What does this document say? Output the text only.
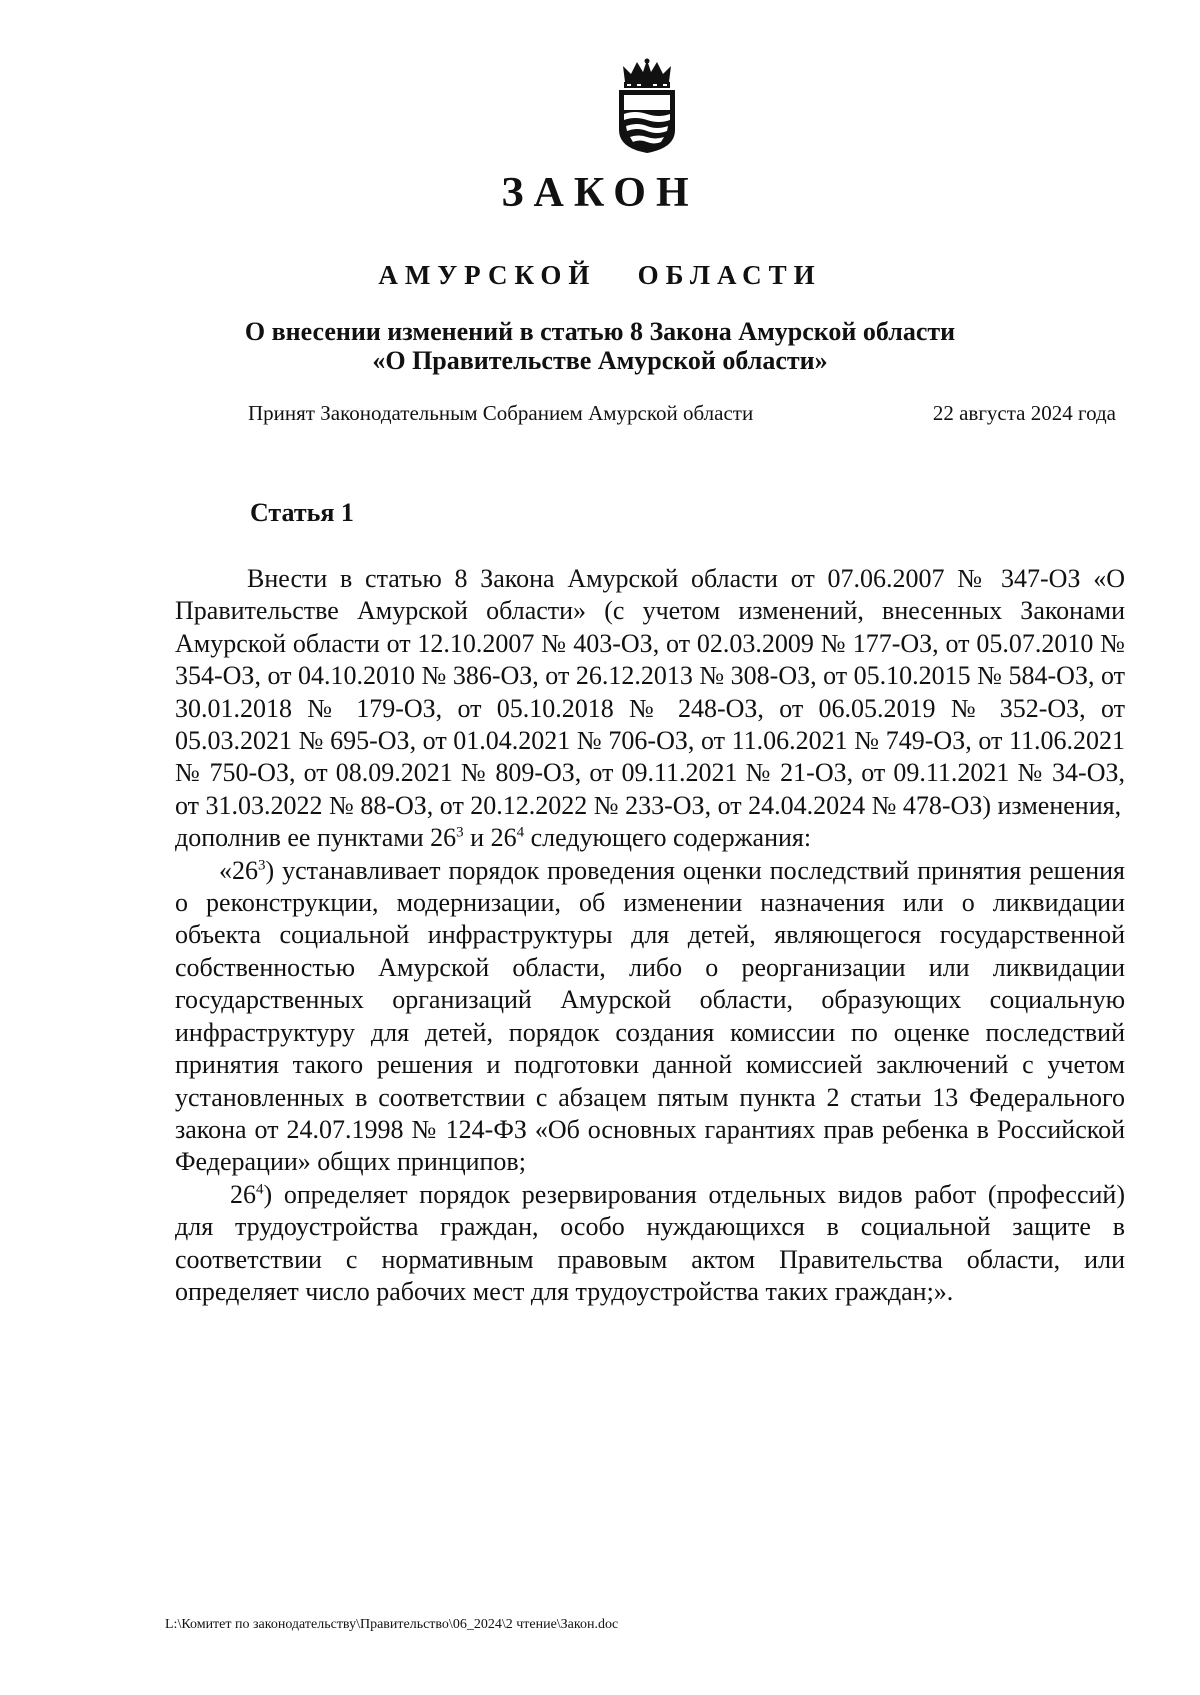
ЗАКОН
АМУРСКОЙ   ОБЛАСТИ
О внесении изменений в статью 8 Закона Амурской области
«О Правительстве Амурской области»
Принят Законодательным Собранием Амурской области	22 августа 2024 года
Статья 1

Внести в статью 8 Закона Амурской области от 07.06.2007 № 347-ОЗ «О Правительстве Амурской области» (с учетом изменений, внесенных Законами Амурской области от 12.10.2007 № 403-ОЗ, от 02.03.2009 № 177-ОЗ, от 05.07.2010 № 354-ОЗ, от 04.10.2010 № 386-ОЗ, от 26.12.2013 № 308-ОЗ, от 05.10.2015 № 584-ОЗ, от 30.01.2018 № 179-ОЗ, от 05.10.2018 № 248-ОЗ, от 06.05.2019 № 352-ОЗ, от 05.03.2021 № 695-ОЗ, от 01.04.2021 № 706-ОЗ, от 11.06.2021 № 749-ОЗ, от 11.06.2021 № 750-ОЗ, от 08.09.2021 № 809-ОЗ, от 09.11.2021 № 21-ОЗ, от 09.11.2021 № 34-ОЗ, от 31.03.2022 № 88-ОЗ, от 20.12.2022 № 233-ОЗ, от 24.04.2024 № 478-ОЗ) изменения,

дополнив ее пунктами $26^3$ и $26^4$ следующего содержания:

«$26^3$) устанавливает порядок проведения оценки последствий принятия решения о реконструкции, модернизации, об изменении назначения или о ликвидации объекта социальной инфраструктуры для детей, являющегося государственной собственностью Амурской области, либо о реорганизации или ликвидации государственных организаций Амурской области, образующих социальную инфраструктуру для детей, порядок создания комиссии по оценке последствий принятия такого решения и подготовки данной комиссией заключений с учетом установленных в соответствии с абзацем пятым пункта 2 статьи 13 Федерального закона от 24.07.1998 № 124-ФЗ «Об основных гарантиях прав ребенка в Российской Федерации» общих принципов;

$26^4$) определяет порядок резервирования отдельных видов работ (профессий) для трудоустройства граждан, особо нуждающихся в социальной защите в соответствии с нормативным правовым актом Правительства области, или определяет число рабочих мест для трудоустройства таких граждан;».

L:\Комитет по законодательству\Правительство\06_2024\2 чтение\Закон.doc
